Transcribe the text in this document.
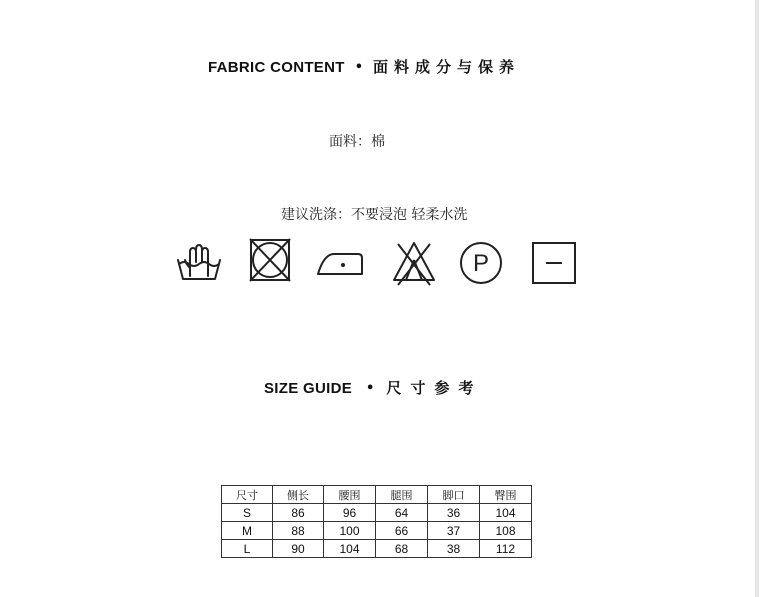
FABRIC CONTENT • 面料成分与保养
面料：棉
建议洗涤：不要浸泡 轻柔水洗
P
SIZE GUIDE • 尺寸参考
尺寸	侧长	腰围	腿围	脚口	臀围
S	86	96	64	36	104
M	88	100	66	37	108
L	90	104	68	38	112
